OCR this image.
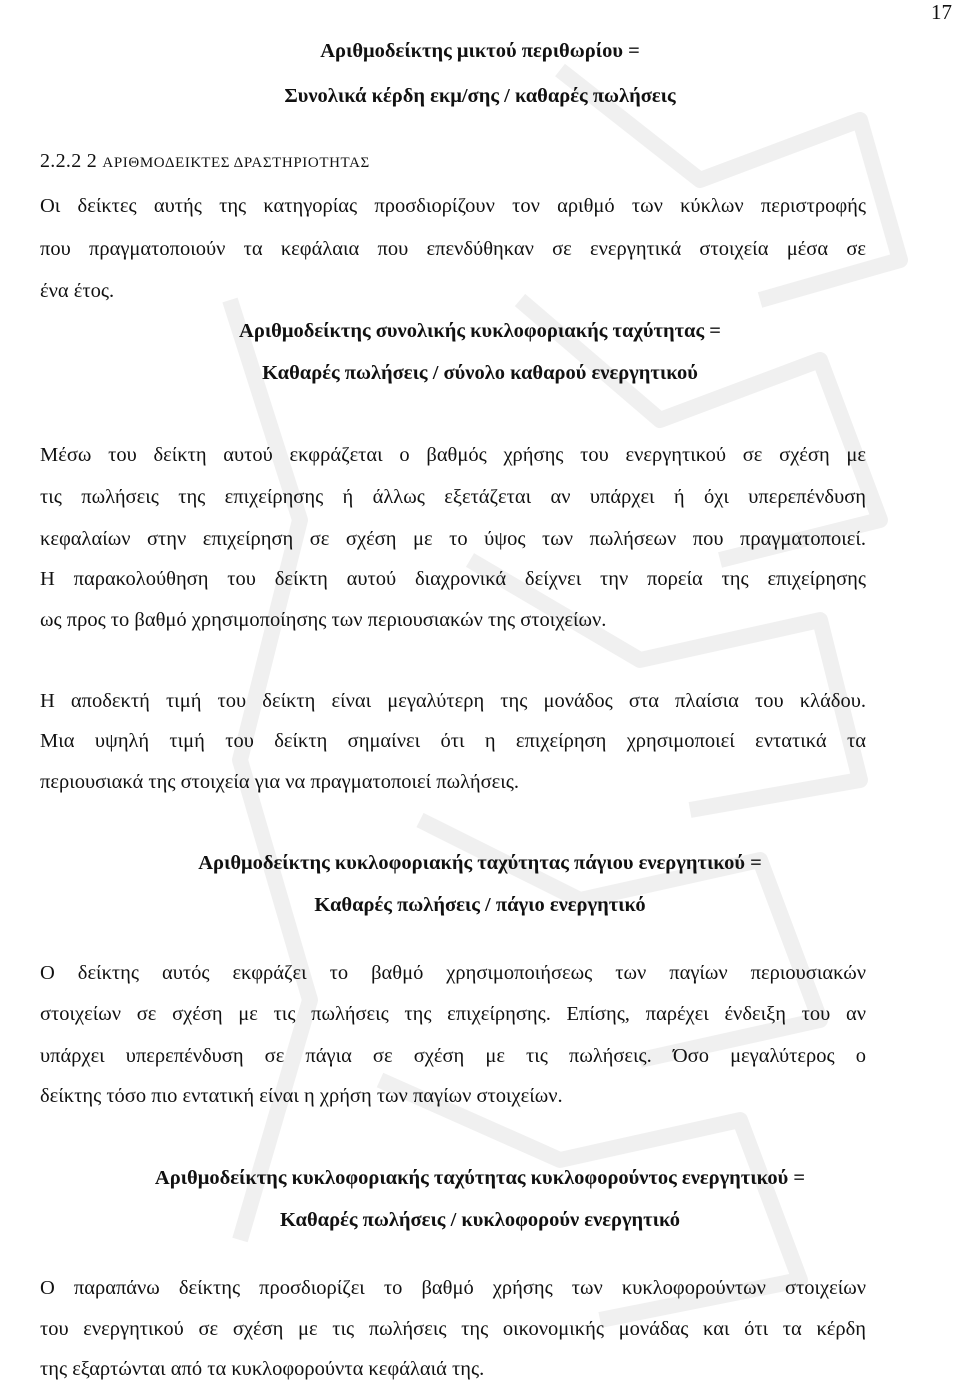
17
Αριθμοδείκτης μικτού περιθωρίου =
Συνολικά κέρδη εκμ/σης / καθαρές πωλήσεις
2.2.2 2 ΑΡΙΘΜΟΔΕΙΚΤΕΣ ΔΡΑΣΤΗΡΙΟΤΗΤΑΣ
Οι δείκτες αυτής της κατηγορίας προσδιορίζουν τον αριθμό των κύκλων περιστροφής
που πραγματοποιούν τα κεφάλαια που επενδύθηκαν σε ενεργητικά στοιχεία μέσα σε
ένα έτος.
Αριθμοδείκτης συνολικής κυκλοφοριακής ταχύτητας =
Καθαρές πωλήσεις / σύνολο καθαρού ενεργητικού
Μέσω του δείκτη αυτού εκφράζεται ο βαθμός χρήσης του ενεργητικού σε σχέση με
τις πωλήσεις της επιχείρησης ή άλλως εξετάζεται αν υπάρχει ή όχι υπερεπένδυση
κεφαλαίων στην επιχείρηση σε σχέση με το ύψος των πωλήσεων που πραγματοποιεί.
Η παρακολούθηση του δείκτη αυτού διαχρονικά δείχνει την πορεία της επιχείρησης
ως προς το βαθμό χρησιμοποίησης των περιουσιακών της στοιχείων.
Η αποδεκτή τιμή του δείκτη είναι μεγαλύτερη της μονάδος στα πλαίσια του κλάδου.
Μια υψηλή τιμή του δείκτη σημαίνει ότι η επιχείρηση χρησιμοποιεί εντατικά τα
περιουσιακά της στοιχεία για να πραγματοποιεί πωλήσεις.
Αριθμοδείκτης κυκλοφοριακής ταχύτητας πάγιου ενεργητικού =
Καθαρές πωλήσεις / πάγιο ενεργητικό
Ο δείκτης αυτός εκφράζει το βαθμό χρησιμοποιήσεως των παγίων περιουσιακών
στοιχείων σε σχέση με τις πωλήσεις της επιχείρησης. Επίσης, παρέχει ένδειξη του αν
υπάρχει υπερεπένδυση σε πάγια σε σχέση με τις πωλήσεις. Όσο μεγαλύτερος ο
δείκτης τόσο πιο εντατική είναι η χρήση των παγίων στοιχείων.
Αριθμοδείκτης κυκλοφοριακής ταχύτητας κυκλοφορούντος ενεργητικού =
Καθαρές πωλήσεις / κυκλοφορούν ενεργητικό
Ο παραπάνω δείκτης προσδιορίζει το βαθμό χρήσης των κυκλοφορούντων στοιχείων
του ενεργητικού σε σχέση με τις πωλήσεις της οικονομικής μονάδας και ότι τα κέρδη
της εξαρτώνται από τα κυκλοφορούντα κεφάλαιά της.
